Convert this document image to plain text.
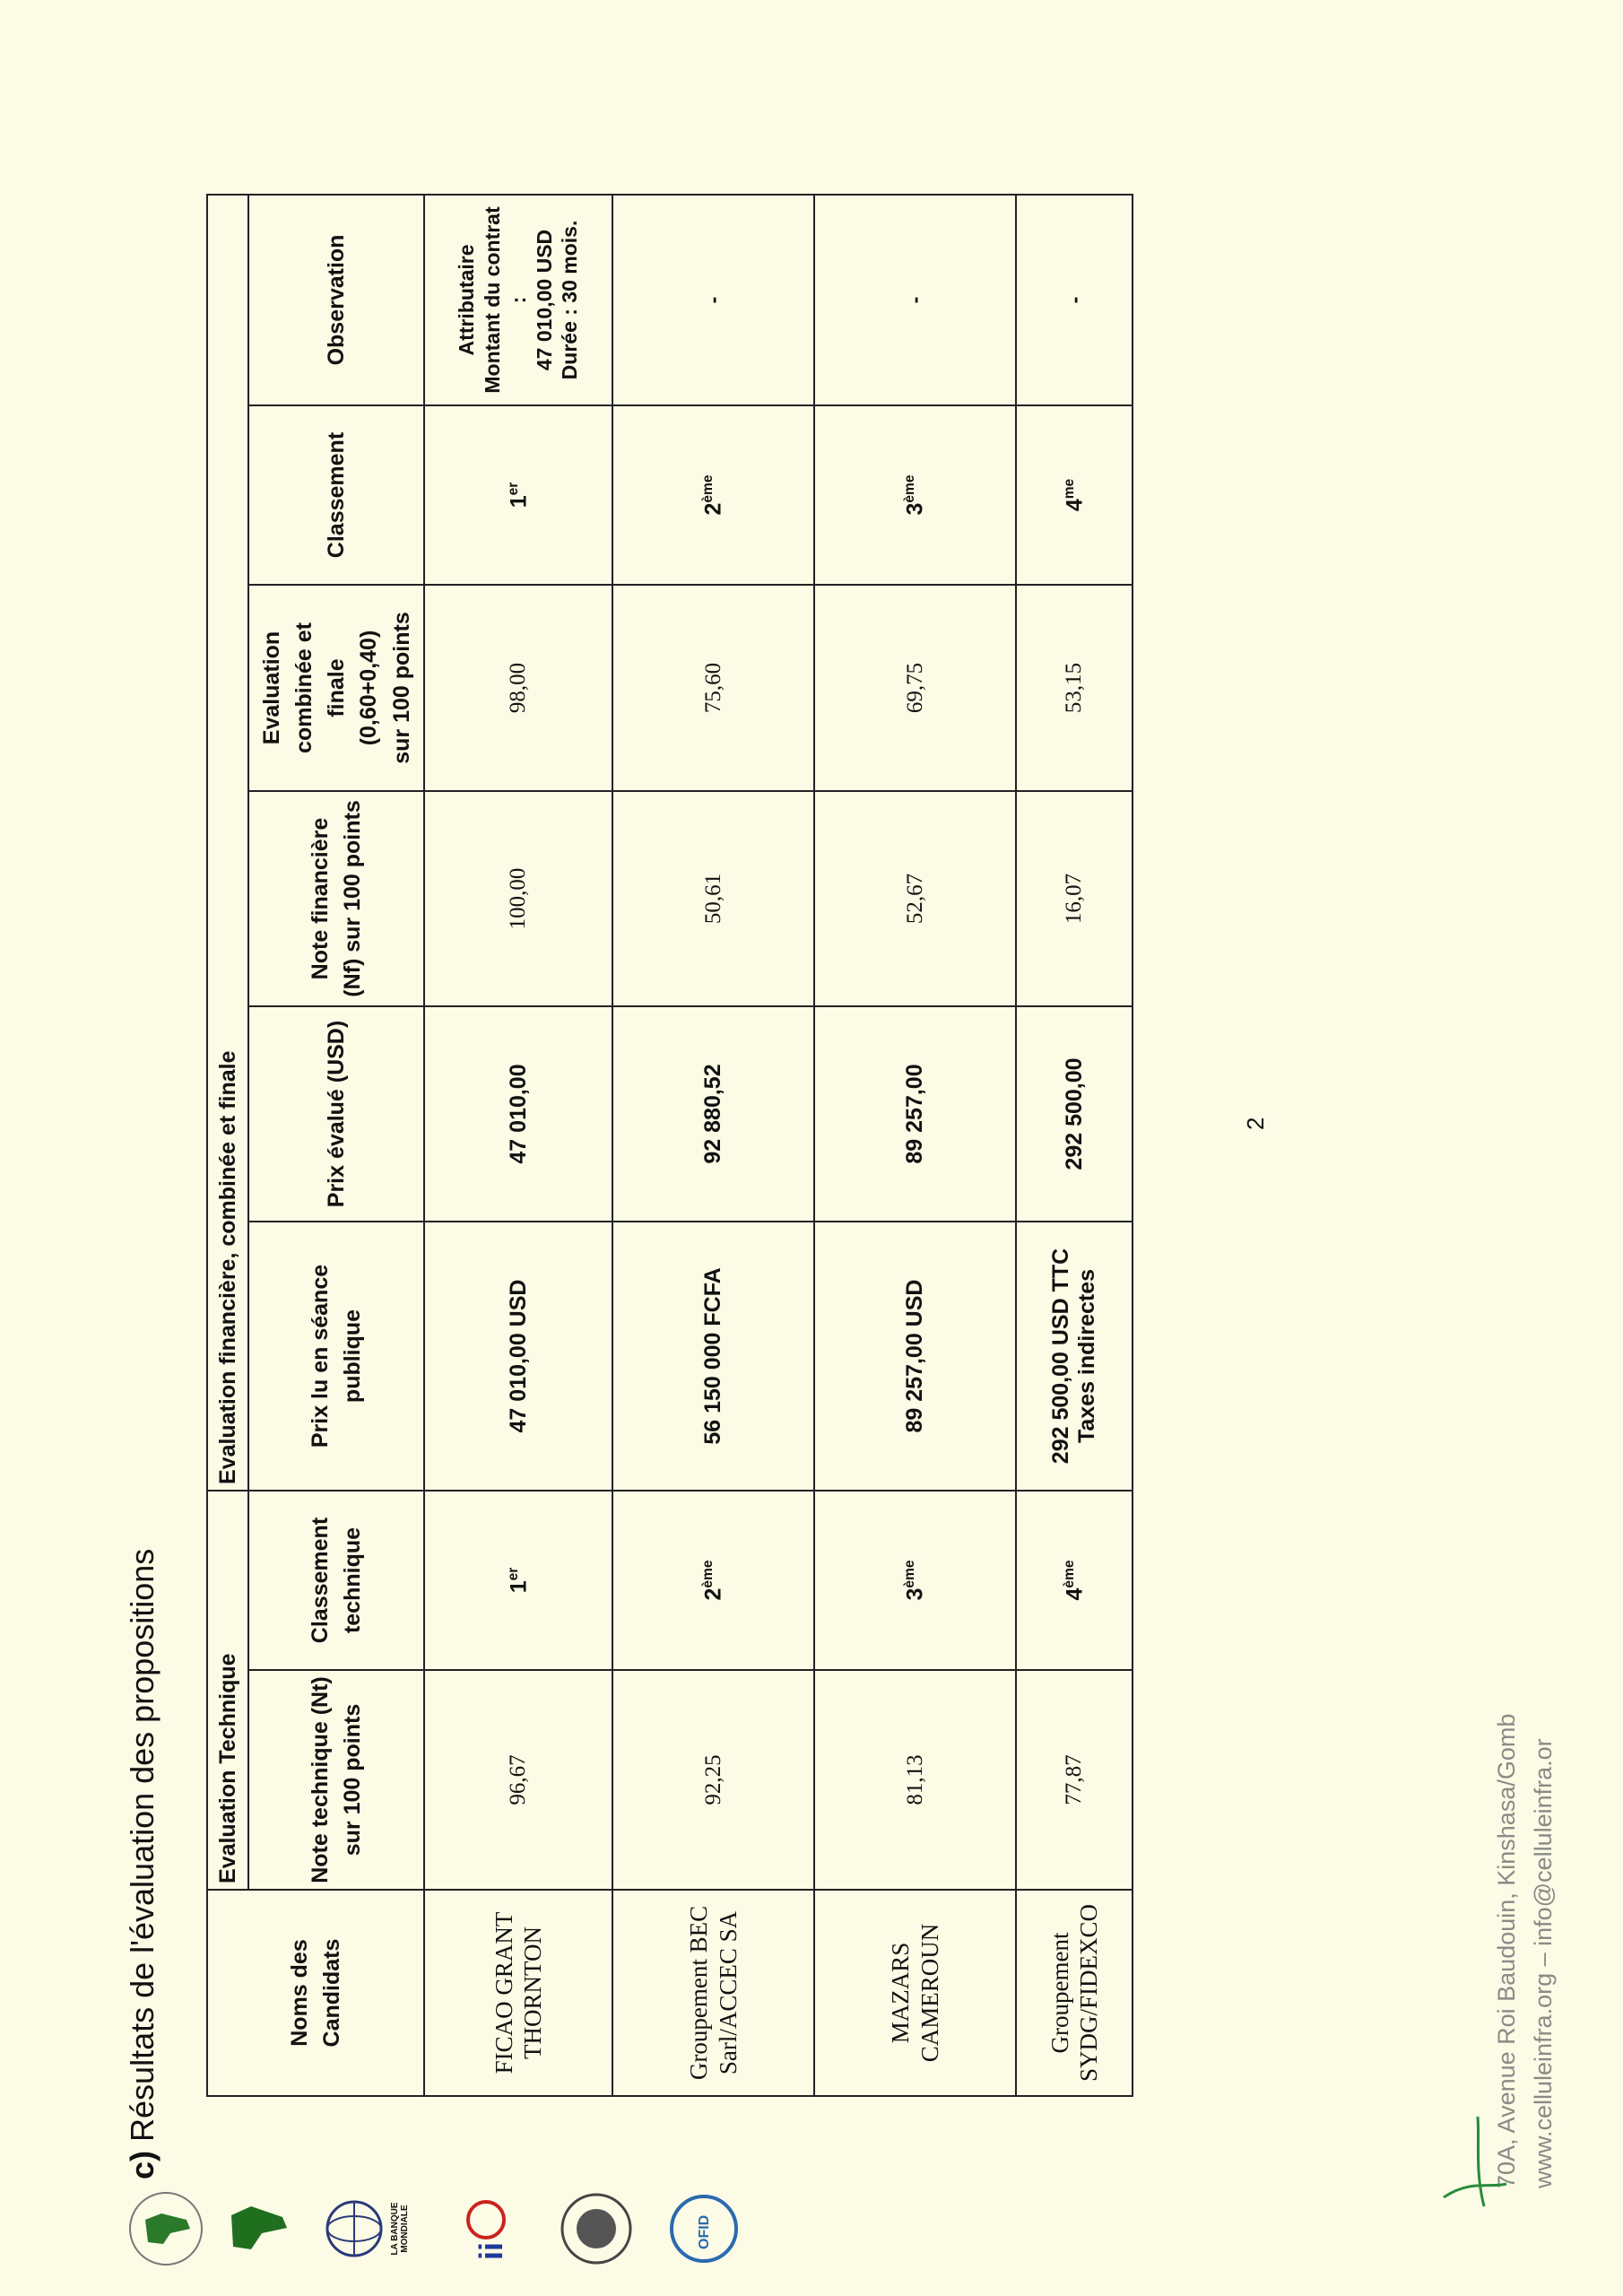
LA BANQUE MONDIALE ii
OFID
c) Résultats de l'évaluation des propositions	Noms des Candidats	Evaluation Technique		Evaluation financière, combinée et finale					
	Note technique (Nt) sur 100 points	Classement technique	Prix lu en séance publique	Prix évalué (USD)	Note financière (Nf) sur 100 points	Evaluation combinée et finale (0,60+0,40) sur 100 points	Classement	Observation
FICAO GRANT THORNTON	96,67	1er	47 010,00 USD	47 010,00	100,00	98,00	1er	Attributaire Montant du contrat : 47 010,00 USD Durée : 30 mois.

Groupement BEC Sarl/ACCEC SA	92,25	2ème	56 150 000 FCFA	92 880,52	50,61	75,60	2ème	-

MAZARS CAMEROUN	81,13	3ème	89 257,00 USD	89 257,00	52,67	69,75	3ème	-

Groupement SYDG/FIDEXCO	77,87	4ème	292 500,00 USD TTC Taxes indirectes	292 500,00	16,07	53,15	$4^{me}$	-
2
70A, Avenue Roi Baudouin, Kinshasa/Gomb www.celluleinfra.org – info@celluleinfra.or
